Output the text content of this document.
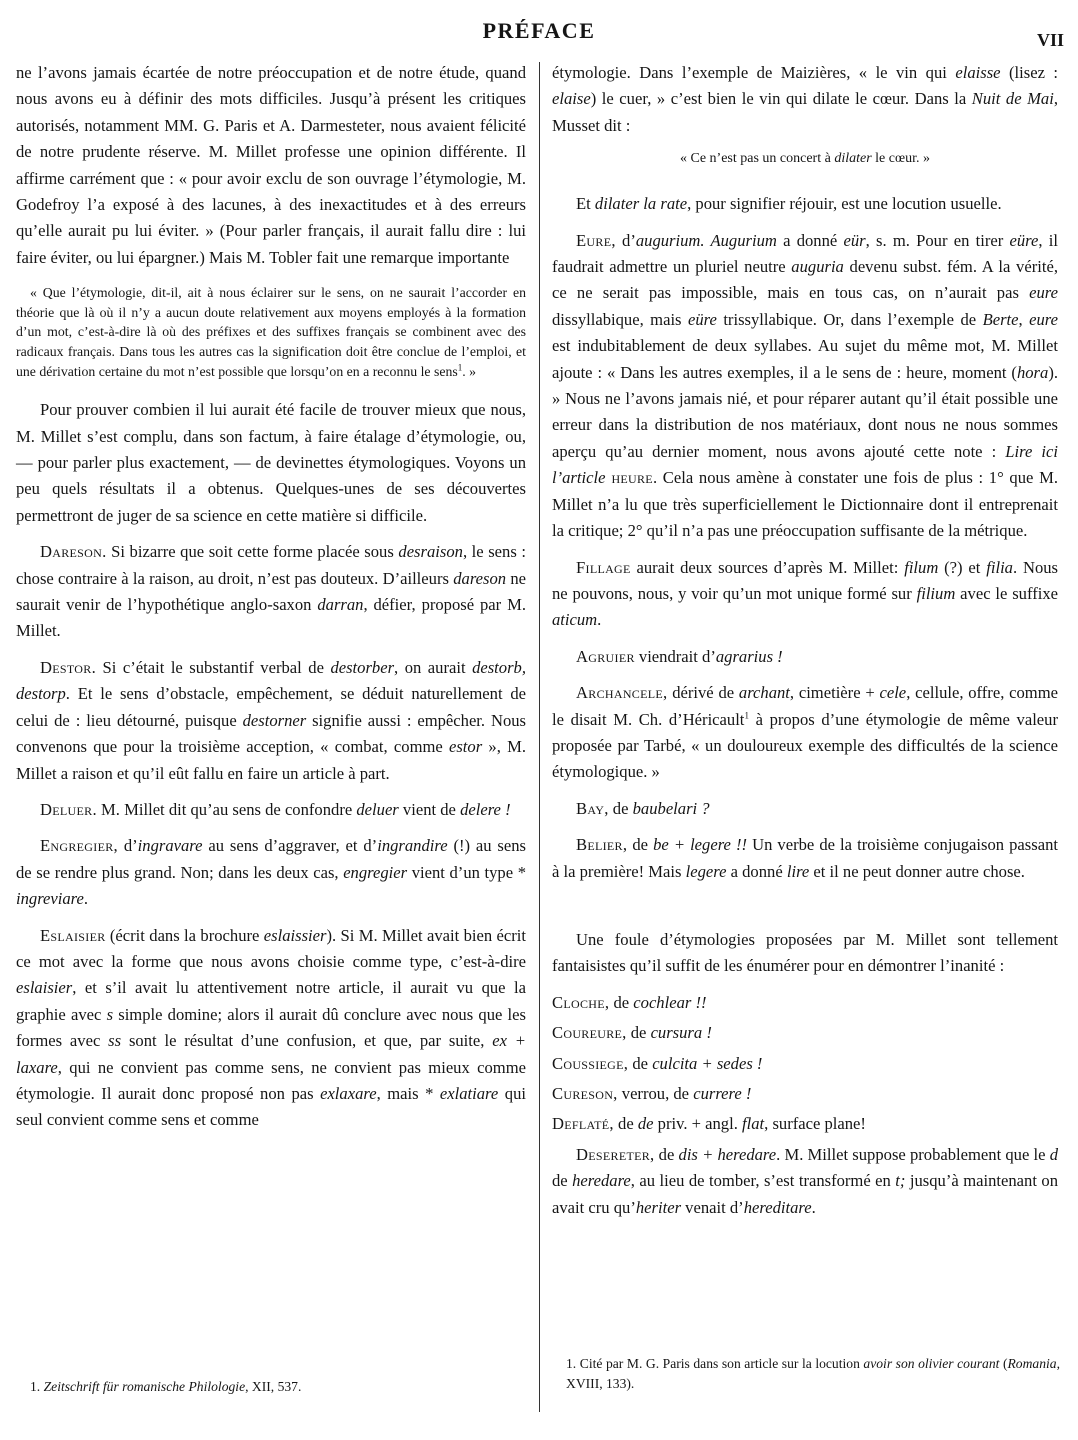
PRÉFACE	VII

ne l’avons jamais écartée de notre préoccupation et de notre étude, quand nous avons eu à définir des mots difficiles. Jusqu’à présent les critiques autorisés, notamment MM. G. Paris et A. Darmesteter, nous avaient félicité de notre prudente réserve. M. Millet professe une opinion différente. Il affirme carrément que : « pour avoir exclu de son ouvrage l’étymologie, M. Godefroy l’a exposé à des lacunes, à des inexactitudes et à des erreurs qu’elle aurait pu lui éviter. » (Pour parler français, il aurait fallu dire : lui faire éviter, ou lui épargner.) Mais M. Tobler fait une remarque importante

« Que l’étymologie, dit-il, ait à nous éclairer sur le sens, on ne saurait l’accorder en théorie que là où il n’y a aucun doute relativement aux moyens employés à la formation d’un mot, c’est-à-dire là où des préfixes et des suffixes français se combinent avec des radicaux français. Dans tous les autres cas la signification doit être conclue de l’emploi, et une dérivation certaine du mot n’est possible que lorsqu’on en a reconnu le sens$^1$. »

Pour prouver combien il lui aurait été facile de trouver mieux que nous, M. Millet s’est complu, dans son factum, à faire étalage d’étymologie, ou, — pour parler plus exactement, — de devinettes étymologiques. Voyons un peu quels résultats il a obtenus. Quelques-unes de ses découvertes permettront de juger de sa science en cette matière si difficile.

Dareson. Si bizarre que soit cette forme placée sous desraison, le sens : chose contraire à la raison, au droit, n’est pas douteux. D’ailleurs dareson ne saurait venir de l’hypothétique anglo-saxon darran, défier, proposé par M. Millet.

Destor. Si c’était le substantif verbal de destorber, on aurait destorb, destorp. Et le sens d’obstacle, empêchement, se déduit naturellement de celui de : lieu détourné, puisque destorner signifie aussi : empêcher. Nous convenons que pour la troisième acception, « combat, comme estor », M. Millet a raison et qu’il eût fallu en faire un article à part.

Deluer. M. Millet dit qu’au sens de confondre deluer vient de delere !

Engregier, d’ingravare au sens d’aggraver, et d’ingrandire (!) au sens de se rendre plus grand. Non; dans les deux cas, engregier vient d’un type * ingreviare.

Eslaisier (écrit dans la brochure eslaissier). Si M. Millet avait bien écrit ce mot avec la forme que nous avons choisie comme type, c’est-à-dire eslaisier, et s’il avait lu attentivement notre article, il aurait vu que la graphie avec s simple domine; alors il aurait dû conclure avec nous que les formes avec ss sont le résultat d’une confusion, et que, par suite, ex + laxare, qui ne convient pas comme sens, ne convient pas mieux comme étymologie. Il aurait donc proposé non pas exlaxare, mais * exlatiare qui seul convient comme sens et comme

1. Zeitschrift für romanische Philologie, XII, 537.

étymologie. Dans l’exemple de Maizières, « le vin qui elaisse (lisez : elaise) le cuer, » c’est bien le vin qui dilate le cœur. Dans la Nuit de Mai, Musset dit :

« Ce n’est pas un concert à dilater le cœur. »

Et dilater la rate, pour signifier réjouir, est une locution usuelle.

Eure, d’augurium. Augurium a donné eür, s. m. Pour en tirer eüre, il faudrait admettre un pluriel neutre auguria devenu subst. fém. A la vérité, ce ne serait pas impossible, mais en tous cas, on n’aurait pas eure dissyllabique, mais eüre trissyllabique. Or, dans l’exemple de Berte, eure est indubitablement de deux syllabes. Au sujet du même mot, M. Millet ajoute : « Dans les autres exemples, il a le sens de : heure, moment (hora). » Nous ne l’avons jamais nié, et pour réparer autant qu’il était possible une erreur dans la distribution de nos matériaux, dont nous ne nous sommes aperçu qu’au dernier moment, nous avons ajouté cette note : Lire ici l’article heure. Cela nous amène à constater une fois de plus : 1° que M. Millet n’a lu que très superficiellement le Dictionnaire dont il entreprenait la critique; 2° qu’il n’a pas une préoccupation suffisante de la métrique.

Fillage aurait deux sources d’après M. Millet: filum (?) et filia. Nous ne pouvons, nous, y voir qu’un mot unique formé sur filium avec le suffixe aticum.

Agruier viendrait d’agrarius !

Archancele, dérivé de archant, cimetière + cele, cellule, offre, comme le disait M. Ch. d’Héricault$^1$ à propos d’une étymologie de même valeur proposée par Tarbé, « un douloureux exemple des difficultés de la science étymologique. »

Bay, de baubelari ?

Belier, de be + legere !! Un verbe de la troisième conjugaison passant à la première! Mais legere a donné lire et il ne peut donner autre chose.

Une foule d’étymologies proposées par M. Millet sont tellement fantaisistes qu’il suffit de les énumérer pour en démontrer l’inanité :

Cloche, de cochlear !!

Coureure, de cursura !

Coussiege, de culcita + sedes !

Cureson, verrou, de currere !

Deflaté, de de priv. + angl. flat, surface plane!

Desereter, de dis + heredare. M. Millet suppose probablement que le d de heredare, au lieu de tomber, s’est transformé en t; jusqu’à maintenant on avait cru qu’heriter venait d’hereditare.

1. Cité par M. G. Paris dans son article sur la locution avoir son olivier courant (Romania, XVIII, 133).
